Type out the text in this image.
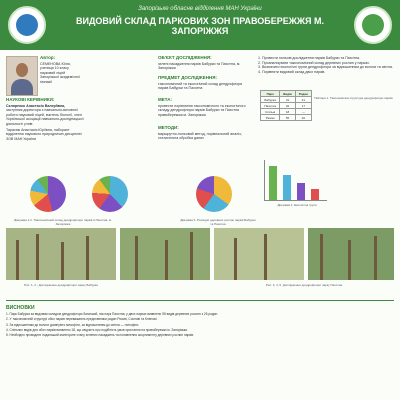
Запорізьке обласне відділення МАН України
ВИДОВИЙ СКЛАД ПАРКОВИХ ЗОН ПРАВОБЕРЕЖЖЯ М. ЗАПОРІЖЖЯ
Автор:
СЕМЕНОВА Юлія, учениця 10 класу науковий ліцей Запорізької академічної гімназії
НАУКОВІ КЕРІВНИКИ:
Скляренко Анастасія Валеріївна,
заступник директора з навчально-виховної роботи науковий ліцей, вчитель біології, член Української асоціації навчально-дослідницької діяльності учнів
Тарасюк Анастасія Юріївна, лаборант відділення наукового природничих дисциплін ЗОВ МАН України
ОБ'ЄКТ ДОСЛІДЖЕННЯ:
зелені насадження парків Бабурки та Пахотна, м. Запоріжжя
ПРЕДМЕТ ДОСЛІДЖЕННЯ:
таксономічний та екологічний склад дендрофлори парків Бабурки та Пахотна
МЕТА:
провести порівняння таксономічного та екологічного складу дендрофлори парків Бабурки та Пахотна правобережжя м. Запоріжжя
МЕТОДИ:
маршрутно-польовий метод, порівняльний аналіз, статистична обробка даних
1. Провести польові дослідження парків Бабурки та Пахотна.
2. Проаналізувати таксономічний склад деревних рослин у парках.
3. Визначити екологічні групи дендрофлори за відношенням до вологи та світла.
4. Порівняти видовий склад двох парків.
Парк	Видів	Родин
Бабурка	41	21
Пахотна	32	17
Спільні	18	—
Разом	55	26
Таблиця 1. Таксономічна структура дендрофлори парків
Діаграма 1.2. Таксономічний склад дендрофлори парків в Пахотна, м. Запоріжжя
Діаграма 3. Розподіл деревних рослин парків Бабурки та Пахотна
Діаграма 4. Екологічні групи
Рис. 1, 2 - Дослідження дендрофлори парку Бабурка	Рис. 3, 4, 5. Дослідження дендрофлори парку Пахотна
ВИСНОВКИ

1. Парк Бабурка за видовим складом дендрофлори багатший, ніж парк Пахотна; у двох парках виявлено 55 видів деревних рослин з 26 родин.

2. У таксономічній структурі обох парків переважають представники родин Розові, Соснові та Кленові.

3. За відношенням до вологи домінують мезофіти, за відношенням до світла — геліофіти.

4. Спільних видів для обох парків виявлено 18, що свідчить про подібність умов зростання на правобережжі м. Запоріжжя.

5. Необхідно проводити подальший моніторинг стану зелених насаджень та поповнення асортименту деревних рослин парків.
